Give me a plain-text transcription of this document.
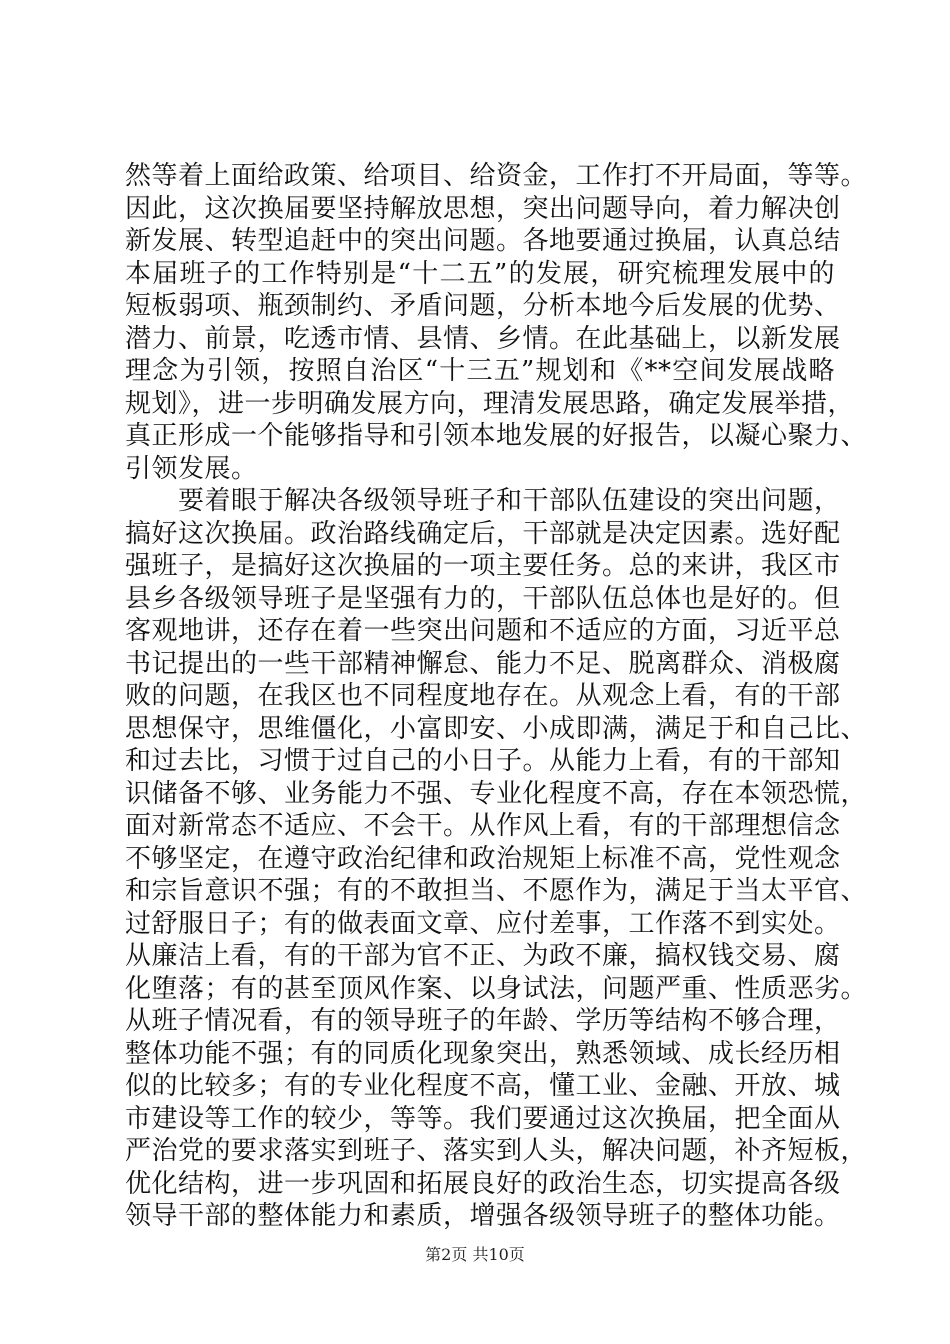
然等着上面给政策、给项目、给资金，工作打不开局面，等等。
因此，这次换届要坚持解放思想，突出问题导向，着力解决创
新发展、转型追赶中的突出问题。各地要通过换届，认真总结
本届班子的工作特别是“十二五”的发展，研究梳理发展中的
短板弱项、瓶颈制约、矛盾问题，分析本地今后发展的优势、
潜力、前景，吃透市情、县情、乡情。在此基础上，以新发展
理念为引领，按照自治区“十三五”规划和《**空间发展战略
规划》，进一步明确发展方向，理清发展思路，确定发展举措，
真正形成一个能够指导和引领本地发展的好报告，以凝心聚力、
引领发展。
　　要着眼于解决各级领导班子和干部队伍建设的突出问题，
搞好这次换届。政治路线确定后，干部就是决定因素。选好配
强班子，是搞好这次换届的一项主要任务。总的来讲，我区市
县乡各级领导班子是坚强有力的，干部队伍总体也是好的。但
客观地讲，还存在着一些突出问题和不适应的方面，习近平总
书记提出的一些干部精神懈怠、能力不足、脱离群众、消极腐
败的问题，在我区也不同程度地存在。从观念上看，有的干部
思想保守，思维僵化，小富即安、小成即满，满足于和自己比、
和过去比，习惯于过自己的小日子。从能力上看，有的干部知
识储备不够、业务能力不强、专业化程度不高，存在本领恐慌，
面对新常态不适应、不会干。从作风上看，有的干部理想信念
不够坚定，在遵守政治纪律和政治规矩上标准不高，党性观念
和宗旨意识不强；有的不敢担当、不愿作为，满足于当太平官、
过舒服日子；有的做表面文章、应付差事，工作落不到实处。
从廉洁上看，有的干部为官不正、为政不廉，搞权钱交易、腐
化堕落；有的甚至顶风作案、以身试法，问题严重、性质恶劣。
从班子情况看，有的领导班子的年龄、学历等结构不够合理，
整体功能不强；有的同质化现象突出，熟悉领域、成长经历相
似的比较多；有的专业化程度不高，懂工业、金融、开放、城
市建设等工作的较少，等等。我们要通过这次换届，把全面从
严治党的要求落实到班子、落实到人头，解决问题，补齐短板，
优化结构，进一步巩固和拓展良好的政治生态，切实提高各级
领导干部的整体能力和素质，增强各级领导班子的整体功能。
第2页 共10页
